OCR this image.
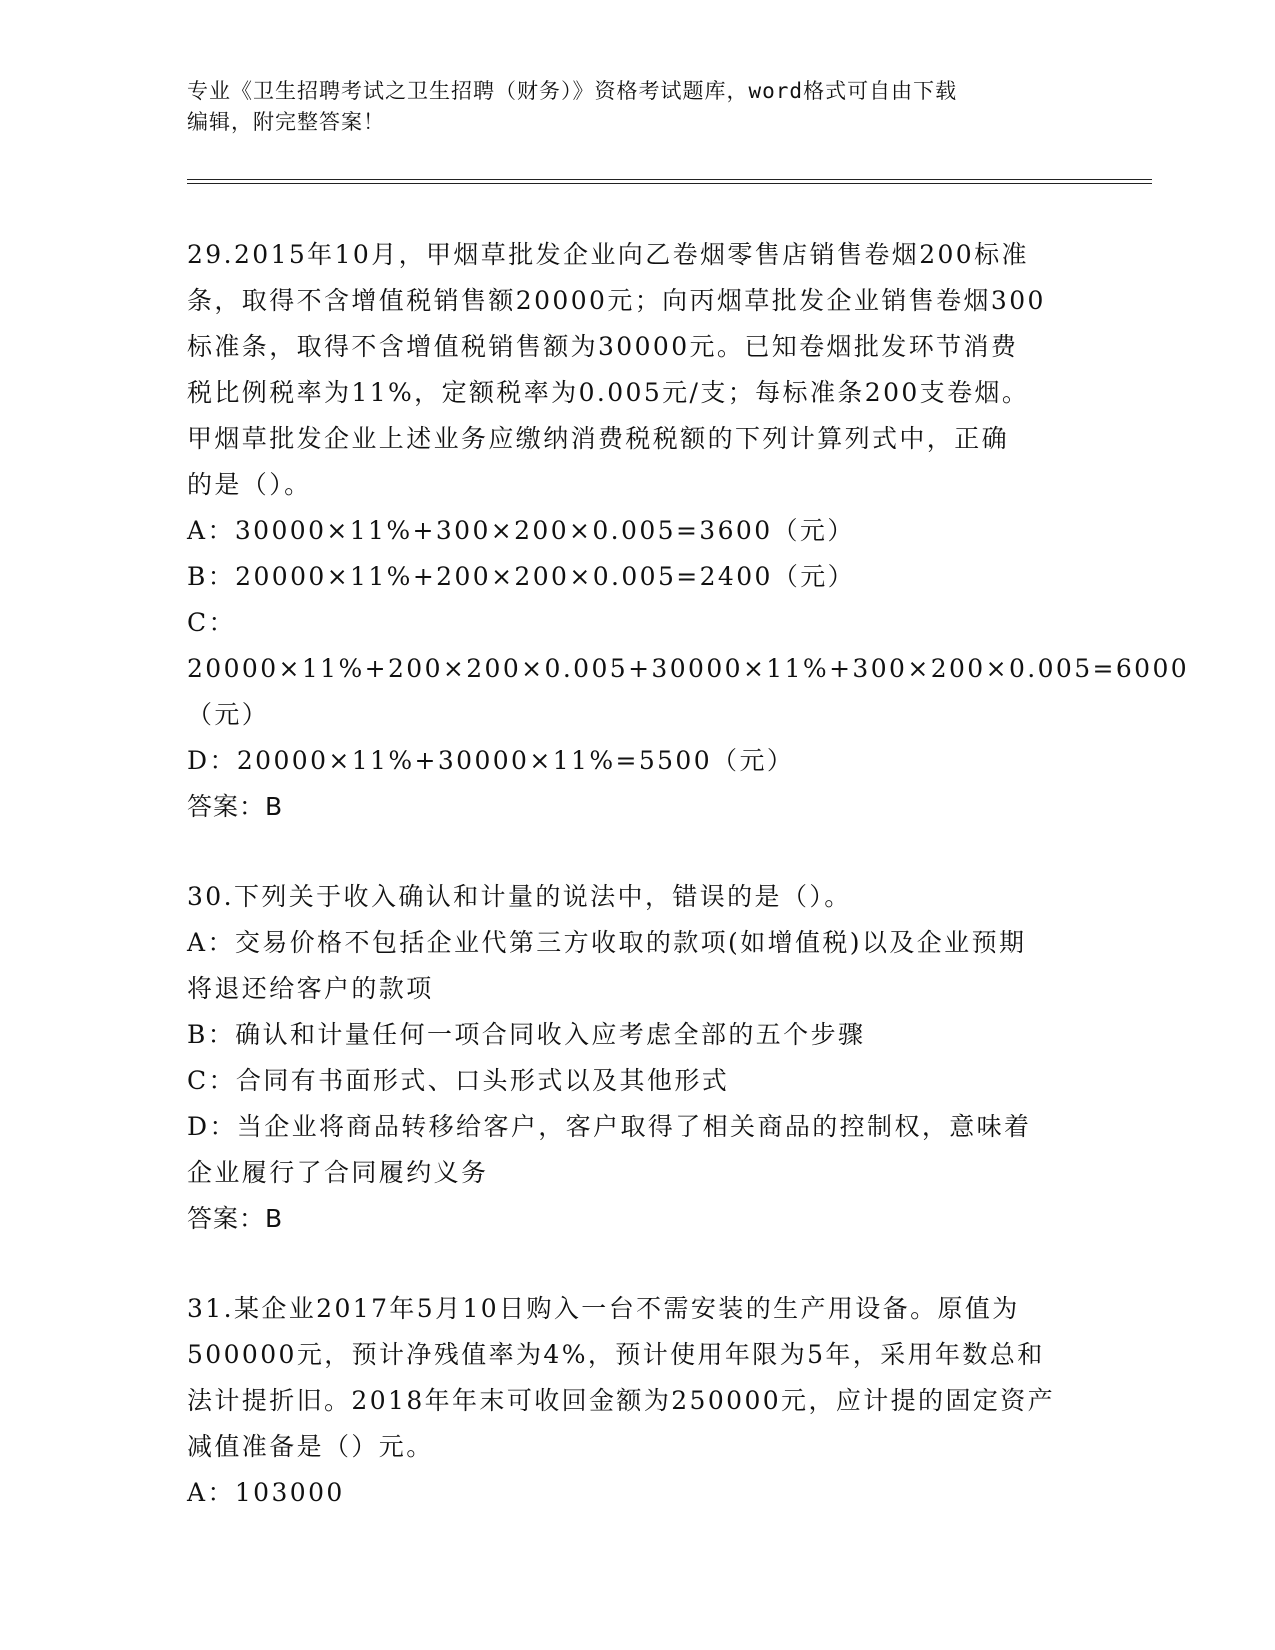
专业《卫生招聘考试之卫生招聘（财务）》资格考试题库，word格式可自由下载
编辑，附完整答案！

29.2015年10月，甲烟草批发企业向乙卷烟零售店销售卷烟200标准

条，取得不含增值税销售额20000元；向丙烟草批发企业销售卷烟300

标准条，取得不含增值税销售额为30000元。已知卷烟批发环节消费

税比例税率为11%，定额税率为0.005元/支；每标准条200支卷烟。

甲烟草批发企业上述业务应缴纳消费税税额的下列计算列式中，正确

的是（）。

A：30000×11%+300×200×0.005=3600（元）

B：20000×11%+200×200×0.005=2400（元）

C：20000×11%+200×200×0.005+30000×11%+300×200×0.005=6000

（元）

D：20000×11%+30000×11%=5500（元）

答案：B

30.下列关于收入确认和计量的说法中，错误的是（）。

A：交易价格不包括企业代第三方收取的款项(如增值税)以及企业预期

将退还给客户的款项

B：确认和计量任何一项合同收入应考虑全部的五个步骤

C：合同有书面形式、口头形式以及其他形式

D：当企业将商品转移给客户，客户取得了相关商品的控制权，意味着

企业履行了合同履约义务

答案：B

31.某企业2017年5月10日购入一台不需安装的生产用设备。原值为

500000元，预计净残值率为4%，预计使用年限为5年，采用年数总和

法计提折旧。2018年年末可收回金额为250000元，应计提的固定资产

减值准备是（）元。

A：103000
